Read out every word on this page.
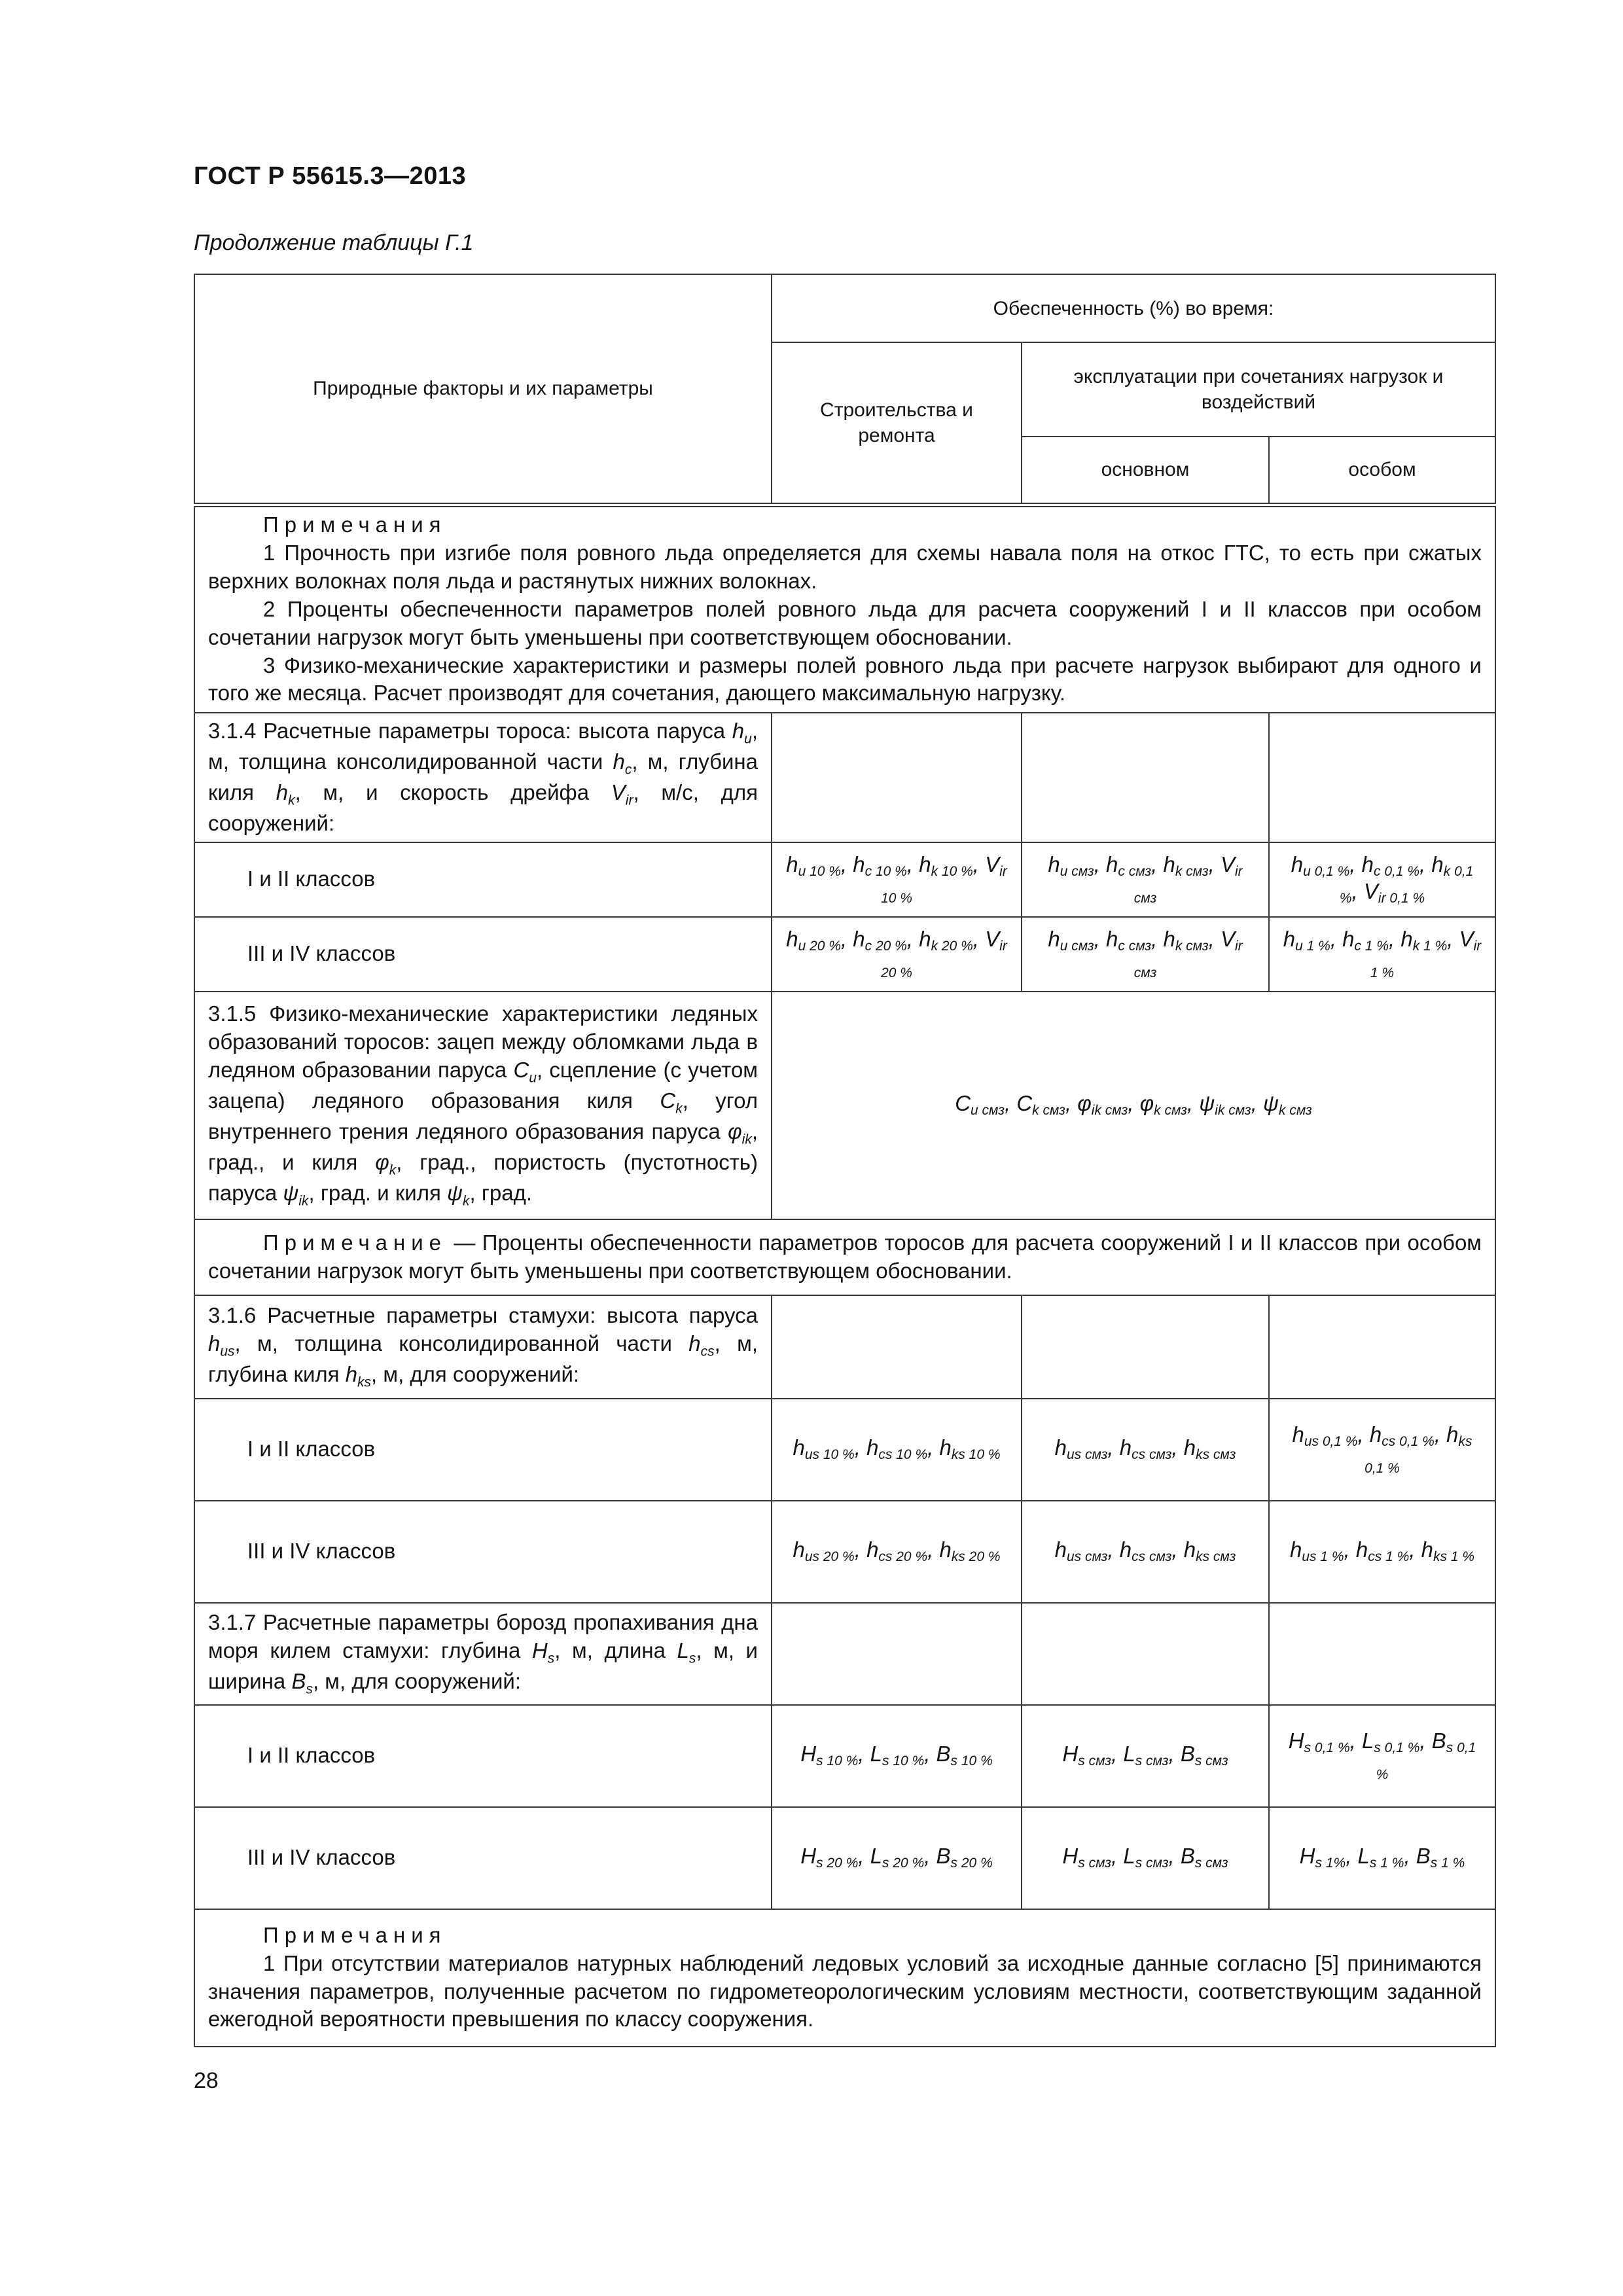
ГОСТ Р 55615.3—2013
Продолжение таблицы Г.1
Природные факторы и их параметры	Обеспеченность (%) во время:		
	Строительства и ремонта	эксплуатации при сочетаниях нагрузок и воздействий	
		основном	особом

Примечания
1 Прочность при изгибе поля ровного льда определяется для схемы навала поля на откос ГТС, то есть при сжатых верхних волокнах поля льда и растянутых нижних волокнах.
2 Проценты обеспеченности параметров полей ровного льда для расчета сооружений I и II классов при особом сочетании нагрузок могут быть уменьшены при соответствующем обосновании.
3 Физико-механические характеристики и размеры полей ровного льда при расчете нагрузок выбирают для одного и того же месяца. Расчет производят для сочетания, дающего максимальную нагрузку.			

3.1.4 Расчетные параметры тороса: высота паруса $h_u$, м, толщина консолидированной части $h_c$, м, глубина киля $h_k$, м, и скорость дрейфа $V_{ir}$, м/с, для сооружений:			
I и II классов	$h_{u 10 \%}$, $h_{c 10 \%}$, $h_{k 10 \%}$, $V_{ir 10 \%}$	$h_{u смз}$, $h_{c смз}$, $h_{k смз}$, $V_{ir смз}$	$h_{u 0,1 \%}$, $h_{c 0,1 \%}$, $h_{k 0,1 \%}$, $V_{ir 0,1 \%}$
III и IV классов	$h_{u 20 \%}$, $h_{c 20 \%}$, $h_{k 20 \%}$, $V_{ir 20 \%}$	$h_{u смз}$, $h_{c смз}$, $h_{k смз}$, $V_{ir смз}$	$h_{u 1 \%}$, $h_{c 1 \%}$, $h_{k 1 \%}$, $V_{ir 1 \%}$
3.1.5 Физико-механические характеристики ледяных образований торосов: зацеп между обломками льда в ледяном образовании паруса $C_u$, сцепление (с учетом зацепа) ледяного образования киля $C_k$, угол внутреннего трения ледяного образования паруса $\varphi_{ik}$, град., и киля $\varphi_k$, град., пористость (пустотность) паруса $\psi_{ik}$, град. и киля $\psi_k$, град.	$C_{u смз}$, $C_{k смз}$, $\varphi_{ik смз}$, $\varphi_{k смз}$, $\psi_{ik смз}$, $\psi_{k смз}$

Примечание — Проценты обеспеченности параметров торосов для расчета сооружений I и II классов при особом сочетании нагрузок могут быть уменьшены при соответствующем обосновании.			

3.1.6 Расчетные параметры стамухи: высота паруса $h_{us}$, м, толщина консолидированной части $h_{cs}$, м, глубина киля $h_{ks}$, м, для сооружений:			
I и II классов	$h_{us 10 \%}$, $h_{cs 10 \%}$, $h_{ks 10 \%}$	$h_{us смз}$, $h_{cs смз}$, $h_{ks смз}$	$h_{us 0,1 \%}$, $h_{cs 0,1 \%}$, $h_{ks 0,1 \%}$
III и IV классов	$h_{us 20 \%}$, $h_{cs 20 \%}$, $h_{ks 20 \%}$	$h_{us смз}$, $h_{cs смз}$, $h_{ks смз}$	$h_{us 1 \%}$, $h_{cs 1 \%}$, $h_{ks 1 \%}$
3.1.7 Расчетные параметры борозд пропахивания дна моря килем стамухи: глубина $H_s$, м, длина $L_s$, м, и ширина $B_s$, м, для сооружений:			
I и II классов	$H_{s 10 \%}$, $L_{s 10 \%}$, $B_{s 10 \%}$	$H_{s смз}$, $L_{s смз}$, $B_{s смз}$	$H_{s 0,1 \%}$, $L_{s 0,1 \%}$, $B_{s 0,1 \%}$
III и IV классов	$H_{s 20 \%}$, $L_{s 20 \%}$, $B_{s 20 \%}$	$H_{s смз}$, $L_{s смз}$, $B_{s смз}$	$H_{s 1\%}$, $L_{s 1 \%}$, $B_{s 1 \%}$

Примечания
1 При отсутствии материалов натурных наблюдений ледовых условий за исходные данные согласно [5] принимаются значения параметров, полученные расчетом по гидрометеорологическим условиям местности, соответствующим заданной ежегодной вероятности превышения по классу сооружения.			
28
